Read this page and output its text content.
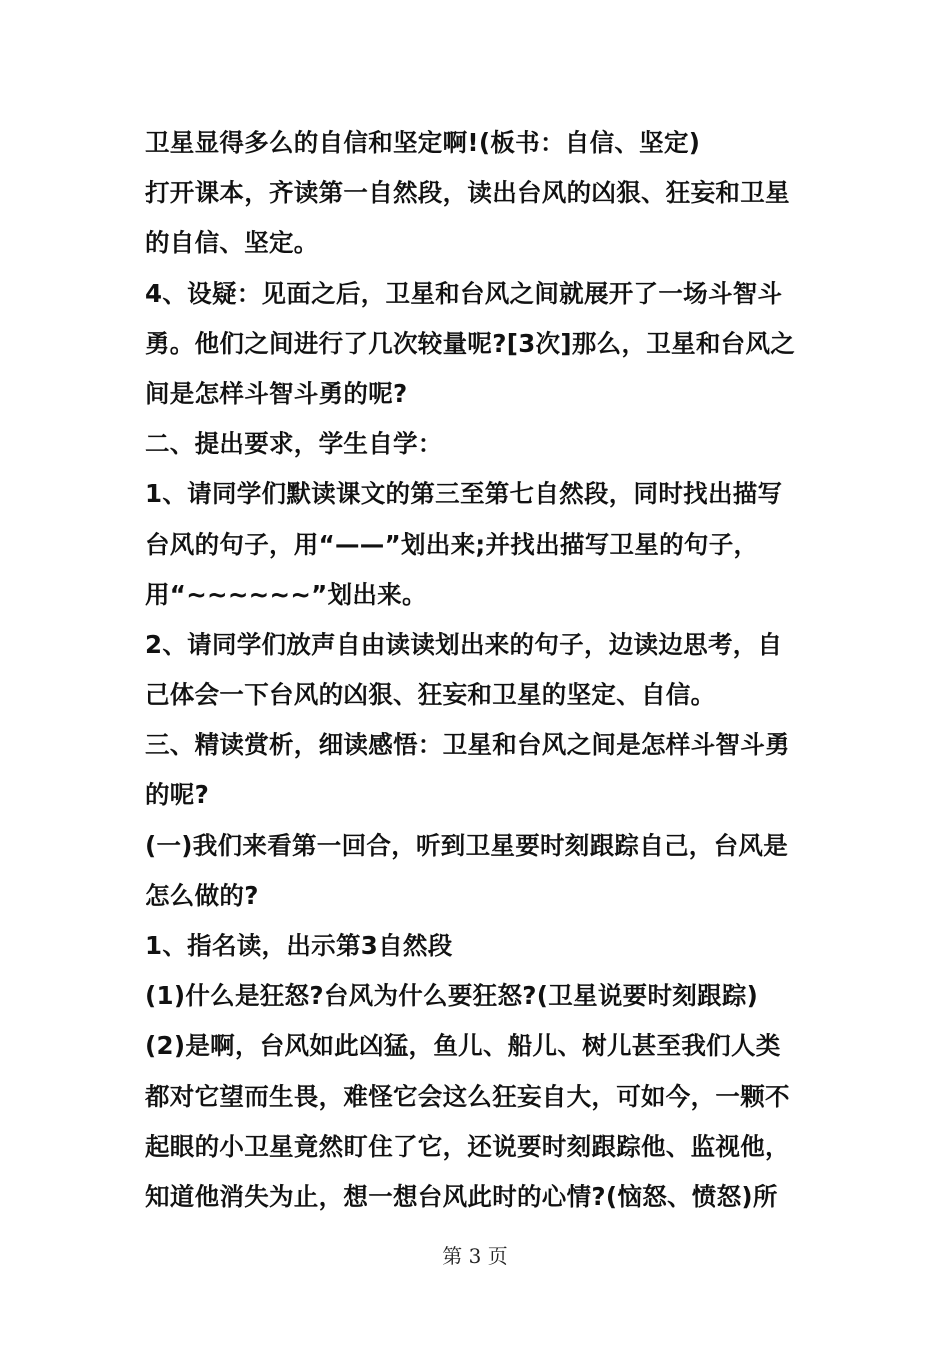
卫星显得多么的自信和坚定啊!(板书：自信、坚定)

打开课本，齐读第一自然段，读出台风的凶狠、狂妄和卫星

的自信、坚定。

4、设疑：见面之后，卫星和台风之间就展开了一场斗智斗

勇。他们之间进行了几次较量呢?[3次]那么，卫星和台风之

间是怎样斗智斗勇的呢?

二、提出要求，学生自学：

1、请同学们默读课文的第三至第七自然段，同时找出描写

台风的句子，用“——”划出来;并找出描写卫星的句子，

用“~~~~~~”划出来。

2、请同学们放声自由读读划出来的句子，边读边思考，自

己体会一下台风的凶狠、狂妄和卫星的坚定、自信。

三、精读赏析，细读感悟：卫星和台风之间是怎样斗智斗勇

的呢?

(一)我们来看第一回合，听到卫星要时刻跟踪自己，台风是

怎么做的?

1、指名读，出示第3自然段

(1)什么是狂怒?台风为什么要狂怒?(卫星说要时刻跟踪)

(2)是啊，台风如此凶猛，鱼儿、船儿、树儿甚至我们人类

都对它望而生畏，难怪它会这么狂妄自大，可如今，一颗不

起眼的小卫星竟然盯住了它，还说要时刻跟踪他、监视他，

知道他消失为止，想一想台风此时的心情?(恼怒、愤怒)所

第 3 页
